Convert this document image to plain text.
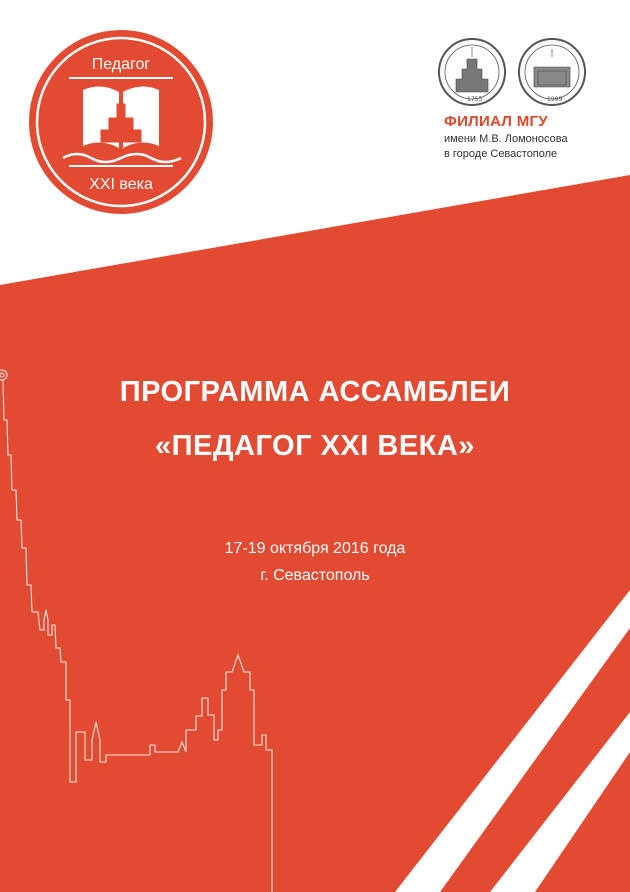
Педагог
XXI века
1755	1999
ФИЛИАЛ МГУ
имени М.В. Ломоносова
в городе Севастополе
ПРОГРАММА АССАМБЛЕИ
«ПЕДАГОГ XXI ВЕКА»
17-19 октября 2016 года
г. Севастополь
